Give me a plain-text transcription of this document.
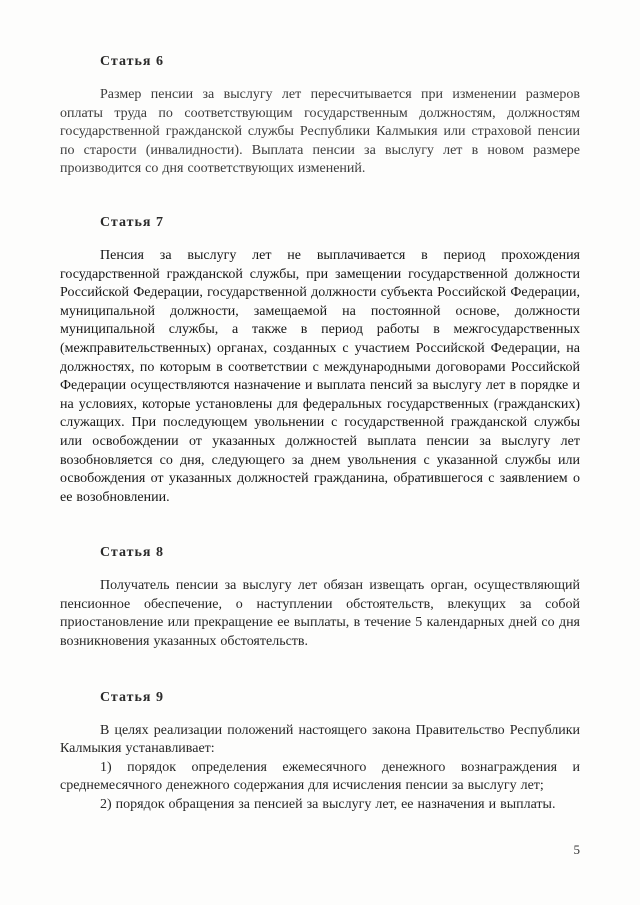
Статья 6

Размер пенсии за выслугу лет пересчитывается при изменении размеров оплаты труда по соответствующим государственным должностям, должностям государственной гражданской службы Республики Калмыкия или страховой пенсии по старости (инвалидности). Выплата пенсии за выслугу лет в новом размере производится со дня соответствующих изменений.

Статья 7

Пенсия за выслугу лет не выплачивается в период прохождения государственной гражданской службы, при замещении государственной должности Российской Федерации, государственной должности субъекта Российской Федерации, муниципальной должности, замещаемой на постоянной основе, должности муниципальной службы, а также в период работы в межгосударственных (межправительственных) органах, созданных с участием Российской Федерации, на должностях, по которым в соответствии с международными договорами Российской Федерации осуществляются назначение и выплата пенсий за выслугу лет в порядке и на условиях, которые установлены для федеральных государственных (гражданских) служащих. При последующем увольнении с государственной гражданской службы или освобождении от указанных должностей выплата пенсии за выслугу лет возобновляется со дня, следующего за днем увольнения с указанной службы или освобождения от указанных должностей гражданина, обратившегося с заявлением о ее возобновлении.

Статья 8

Получатель пенсии за выслугу лет обязан извещать орган, осуществляющий пенсионное обеспечение, о наступлении обстоятельств, влекущих за собой приостановление или прекращение ее выплаты, в течение 5 календарных дней со дня возникновения указанных обстоятельств.

Статья 9

В целях реализации положений настоящего закона Правительство Республики Калмыкия устанавливает:

1) порядок определения ежемесячного денежного вознаграждения и среднемесячного денежного содержания для исчисления пенсии за выслугу лет;

2) порядок обращения за пенсией за выслугу лет, ее назначения и выплаты.

5
